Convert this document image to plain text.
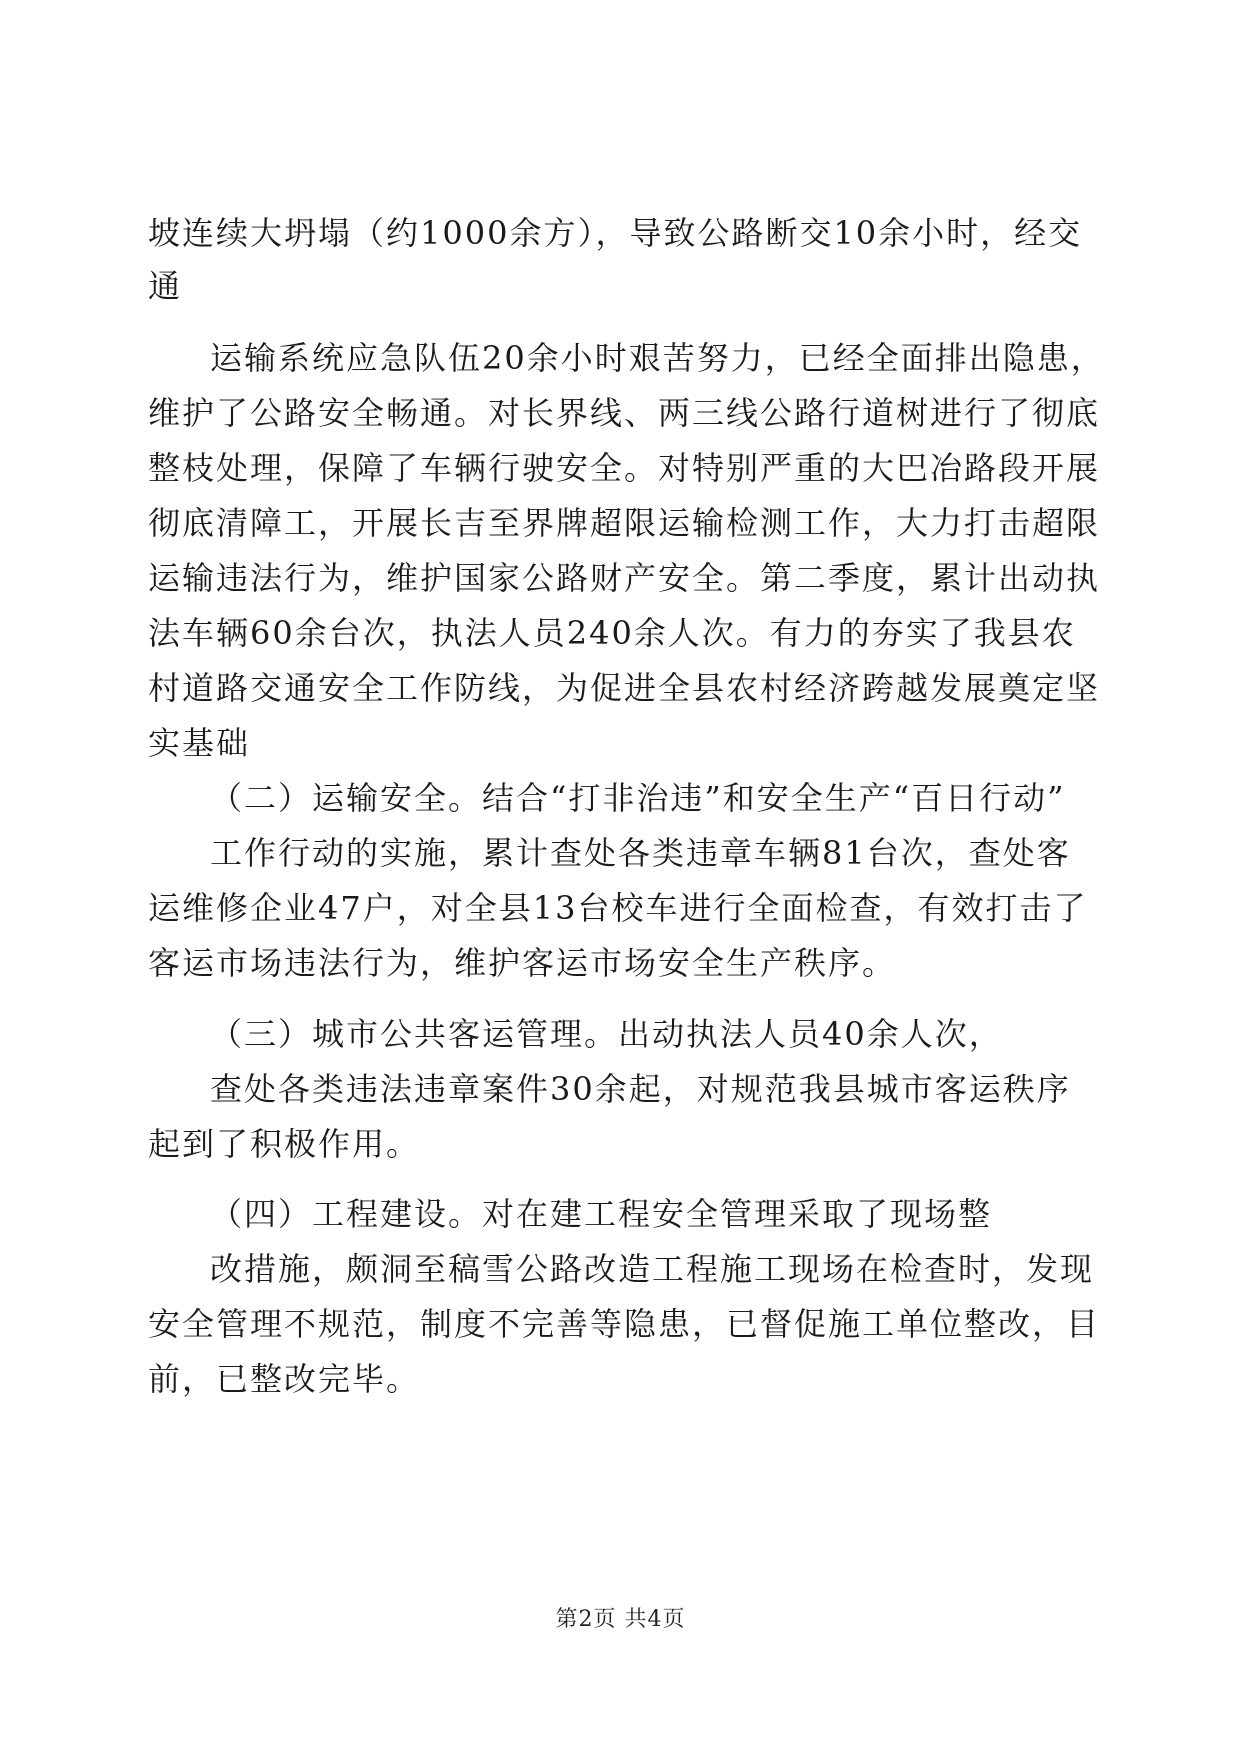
坡连续大坍塌（约1000余方），导致公路断交10余小时，经交
通
运输系统应急队伍20余小时艰苦努力，已经全面排出隐患，
维护了公路安全畅通。对长界线、两三线公路行道树进行了彻底
整枝处理，保障了车辆行驶安全。对特别严重的大巴冶路段开展
彻底清障工，开展长吉至界牌超限运输检测工作，大力打击超限
运输违法行为，维护国家公路财产安全。第二季度，累计出动执
法车辆60余台次，执法人员240余人次。有力的夯实了我县农
村道路交通安全工作防线，为促进全县农村经济跨越发展奠定坚
实基础
（二）运输安全。结合“打非治违”和安全生产“百日行动”
工作行动的实施，累计查处各类违章车辆81台次，查处客
运维修企业47户，对全县13台校车进行全面检查，有效打击了
客运市场违法行为，维护客运市场安全生产秩序。
（三）城市公共客运管理。出动执法人员40余人次，
查处各类违法违章案件30余起，对规范我县城市客运秩序
起到了积极作用。
（四）工程建设。对在建工程安全管理采取了现场整
改措施，颇洞至稿雪公路改造工程施工现场在检查时，发现
安全管理不规范，制度不完善等隐患，已督促施工单位整改，目
前，已整改完毕。
第2页 共4页
